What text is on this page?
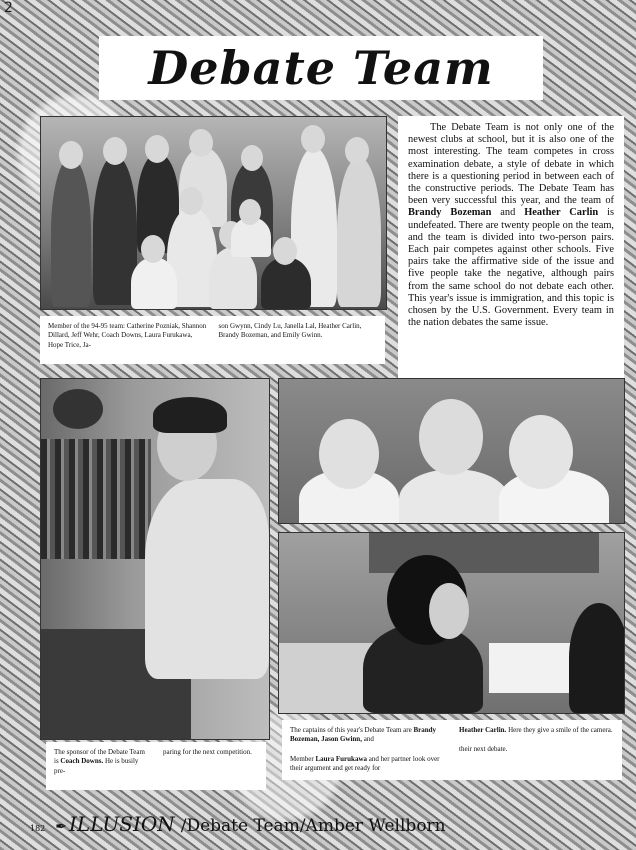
2
Debate Team
The Debate Team is not only one of the newest clubs at school, but it is also one of the most interesting. The team competes in cross examination debate, a style of debate in which there is a questioning period in between each of the constructive periods. The Debate Team has been very successful this year, and the team of Brandy Bozeman and Heather Carlin is undefeated. There are twenty people on the team, and the team is divided into two-person pairs. Each pair competes against other schools. Five pairs take the affirmative side of the issue and five people take the negative, although pairs from the same school do not debate each other. This year's issue is immigration, and this topic is chosen by the U.S. Government. Every team in the nation debates the same issue.
Member of the 94-95 team: Catherine Pozniak, Shannon Dillard, Jeff Wehr, Coach Downs, Laura Furukawa, Hope Trice, Ja-
son Gwynn, Cindy Lu, Janella Lal, Heather Carlin, Brandy Bozeman, and Emily Gwinn.
The sponsor of the Debate Team is Coach Downs. He is busily pre-
paring for the next competition.
The captains of this year's Debate Team are Brandy Bozeman, Jason Gwinn, and
Member Laura Furukawa and her partner look over their argument and get ready for
Heather Carlin. Here they give a smile of the camera.
their next debate.
182 ✒ ILLUSION /Debate Team/Amber Wellborn
